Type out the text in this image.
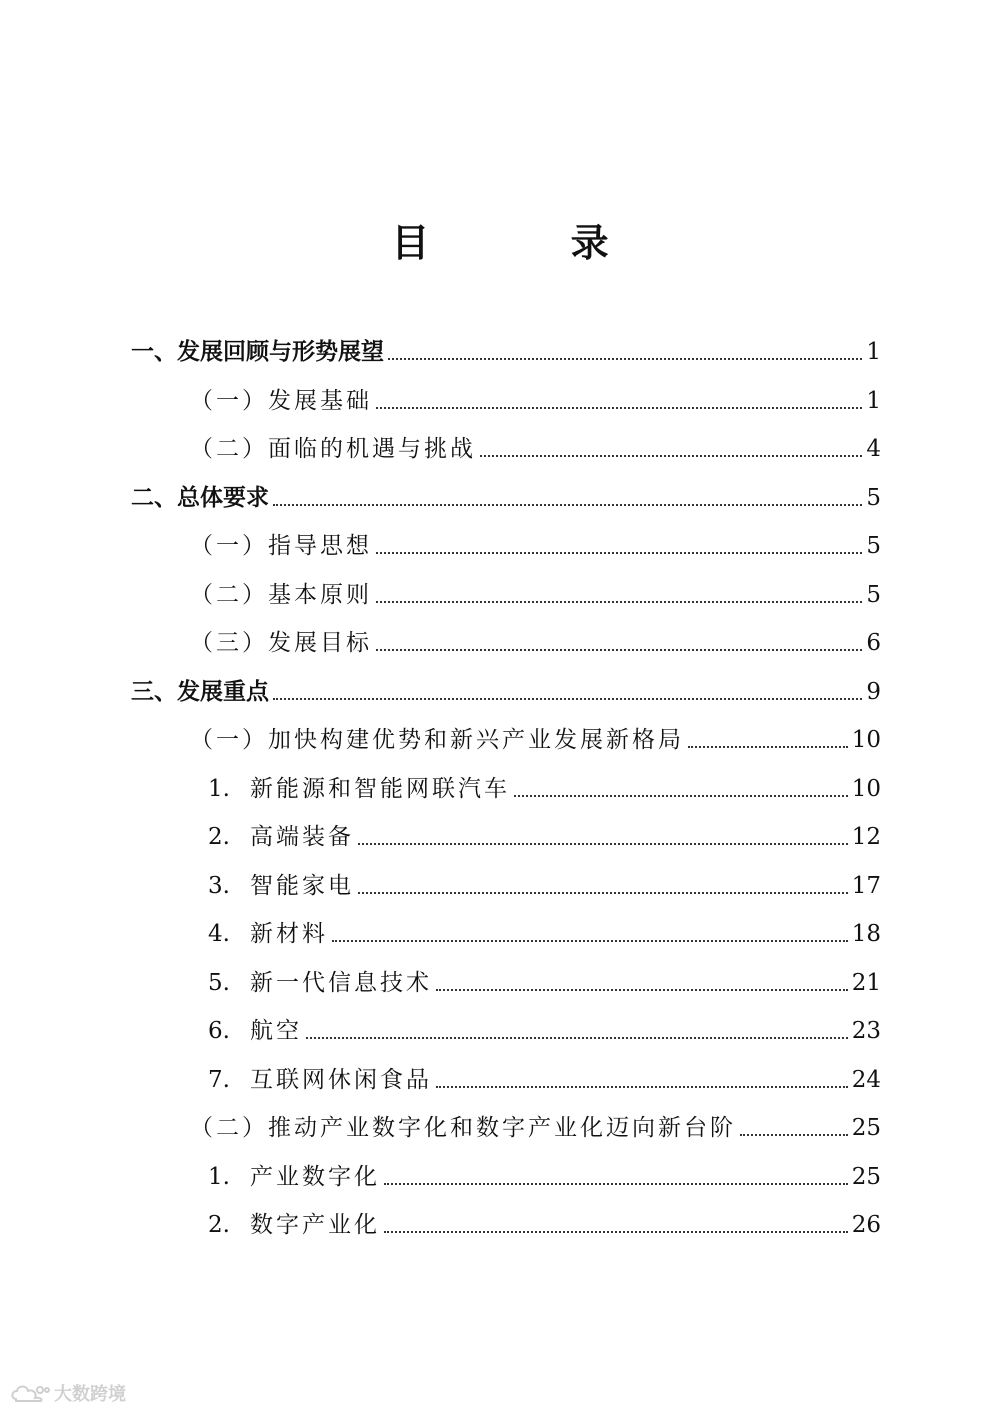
目 录
一、发展回顾与形势展望	1
（一）发展基础	1
（二）面临的机遇与挑战	4
二、总体要求	5
（一）指导思想	5
（二）基本原则	5
（三）发展目标	6
三、发展重点	9
（一）加快构建优势和新兴产业发展新格局	10
1. 新能源和智能网联汽车	10
2. 高端装备	12
3. 智能家电	17
4. 新材料	18
5. 新一代信息技术	21
6. 航空	23
7. 互联网休闲食品	24
（二）推动产业数字化和数字产业化迈向新台阶	25
1. 产业数字化	25
2. 数字产业化	26
大数跨境
